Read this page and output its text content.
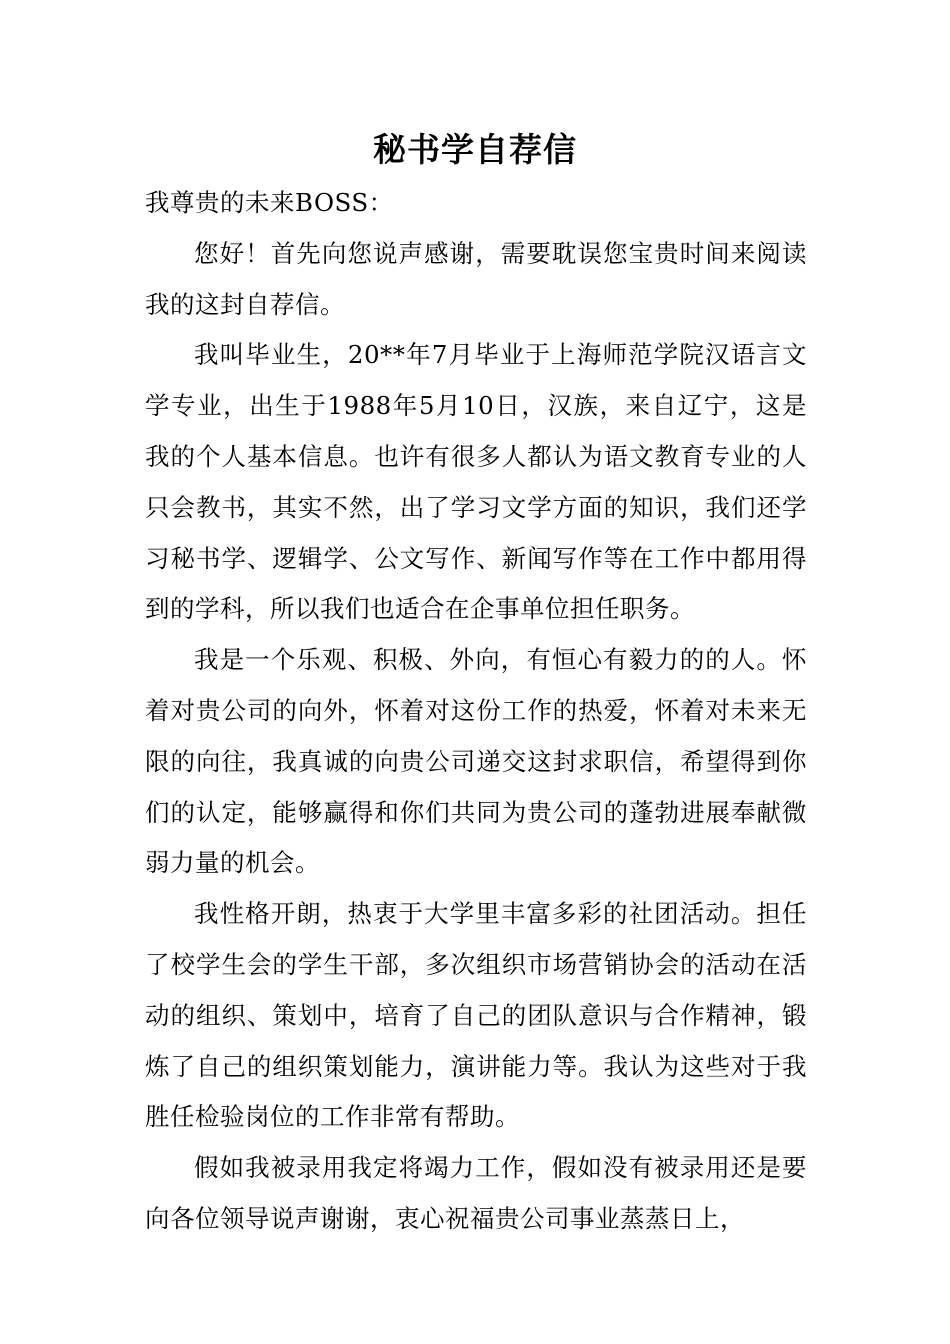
秘书学自荐信

我尊贵的未来BOSS：

您好！首先向您说声感谢，需要耽误您宝贵时间来阅读我的这封自荐信。

我叫毕业生，20**年7月毕业于上海师范学院汉语言文学专业，出生于1988年5月10日，汉族，来自辽宁，这是我的个人基本信息。也许有很多人都认为语文教育专业的人只会教书，其实不然，出了学习文学方面的知识，我们还学习秘书学、逻辑学、公文写作、新闻写作等在工作中都用得到的学科，所以我们也适合在企事单位担任职务。

我是一个乐观、积极、外向，有恒心有毅力的的人。怀着对贵公司的向外，怀着对这份工作的热爱，怀着对未来无限的向往，我真诚的向贵公司递交这封求职信，希望得到你们的认定，能够赢得和你们共同为贵公司的蓬勃进展奉献微弱力量的机会。

我性格开朗，热衷于大学里丰富多彩的社团活动。担任了校学生会的学生干部，多次组织市场营销协会的活动在活动的组织、策划中，培育了自己的团队意识与合作精神，锻炼了自己的组织策划能力，演讲能力等。我认为这些对于我胜任检验岗位的工作非常有帮助。

假如我被录用我定将竭力工作，假如没有被录用还是要向各位领导说声谢谢，衷心祝福贵公司事业蒸蒸日上，
